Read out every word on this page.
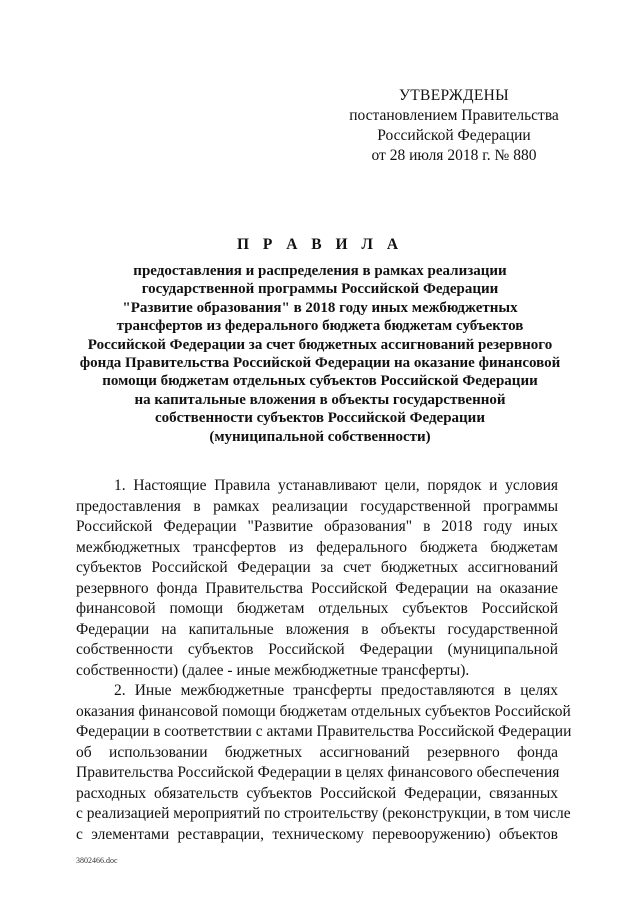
УТВЕРЖДЕНЫ
постановлением Правительства
Российской Федерации
от 28 июля 2018 г. № 880
П Р А В И Л А
предоставления и распределения в рамках реализации
государственной программы Российской Федерации
"Развитие образования" в 2018 году иных межбюджетных
трансфертов из федерального бюджета бюджетам субъектов
Российской Федерации за счет бюджетных ассигнований резервного
фонда Правительства Российской Федерации на оказание финансовой
помощи бюджетам отдельных субъектов Российской Федерации
на капитальные вложения в объекты государственной
собственности субъектов Российской Федерации
(муниципальной собственности)
1. Настоящие Правила устанавливают цели, порядок и условия
предоставления в рамках реализации государственной программы
Российской Федерации "Развитие образования" в 2018 году иных
межбюджетных трансфертов из федерального бюджета бюджетам
субъектов Российской Федерации за счет бюджетных ассигнований
резервного фонда Правительства Российской Федерации на оказание
финансовой помощи бюджетам отдельных субъектов Российской
Федерации на капитальные вложения в объекты государственной
собственности субъектов Российской Федерации (муниципальной
собственности) (далее - иные межбюджетные трансферты).
2. Иные межбюджетные трансферты предоставляются в целях
оказания финансовой помощи бюджетам отдельных субъектов Российской
Федерации в соответствии с актами Правительства Российской Федерации
об использовании бюджетных ассигнований резервного фонда
Правительства Российской Федерации в целях финансового обеспечения
расходных обязательств субъектов Российской Федерации, связанных
с реализацией мероприятий по строительству (реконструкции, в том числе
с элементами реставрации, техническому перевооружению) объектов
3802466.doc
